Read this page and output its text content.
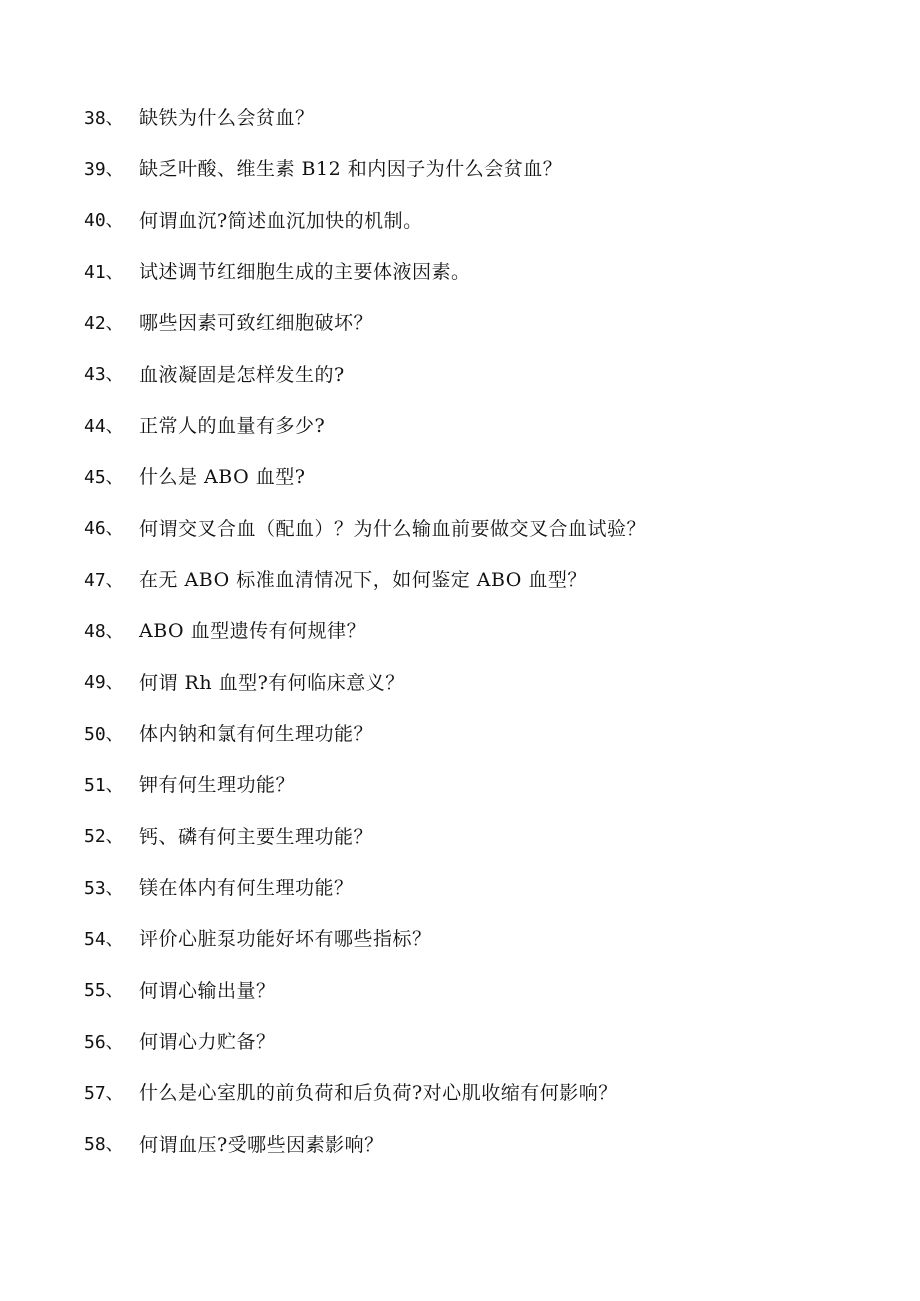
38、 缺铁为什么会贫血？
39、 缺乏叶酸、维生素 B12 和内因子为什么会贫血？
40、 何谓血沉?简述血沉加快的机制。
41、 试述调节红细胞生成的主要体液因素。
42、 哪些因素可致红细胞破坏？
43、 血液凝固是怎样发生的?
44、 正常人的血量有多少?
45、 什么是 ABO 血型?
46、 何谓交叉合血（配血）？为什么输血前要做交叉合血试验？
47、 在无 ABO 标准血清情况下，如何鉴定 ABO 血型？
48、 ABO 血型遗传有何规律？
49、 何谓 Rh 血型?有何临床意义？
50、 体内钠和氯有何生理功能？
51、 钾有何生理功能？
52、 钙、磷有何主要生理功能？
53、 镁在体内有何生理功能？
54、 评价心脏泵功能好坏有哪些指标？
55、 何谓心输出量？
56、 何谓心力贮备？
57、 什么是心室肌的前负荷和后负荷?对心肌收缩有何影响？
58、 何谓血压?受哪些因素影响？
